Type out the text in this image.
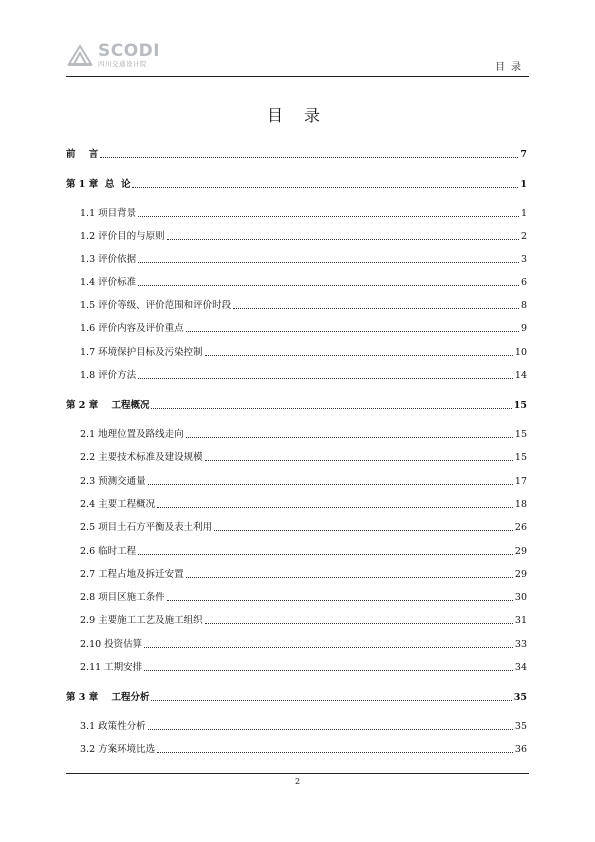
SCODI
四川交通设计院	目录
目 录
前    言	7
第 1 章  总  论	1
1.1 项目背景	1
1.2 评价目的与原则	2
1.3 评价依据	3
1.4 评价标准	6
1.5 评价等级、评价范围和评价时段	8
1.6 评价内容及评价重点	9
1.7 环境保护目标及污染控制	10
1.8 评价方法	14
第 2 章    工程概况	15
2.1 地理位置及路线走向	15
2.2 主要技术标准及建设规模	15
2.3 预测交通量	17
2.4 主要工程概况	18
2.5 项目土石方平衡及表土利用	26
2.6 临时工程	29
2.7 工程占地及拆迁安置	29
2.8 项目区施工条件	30
2.9 主要施工工艺及施工组织	31
2.10 投资估算	33
2.11 工期安排	34
第 3 章    工程分析	35
3.1 政策性分析	35
3.2 方案环境比选	36
2
